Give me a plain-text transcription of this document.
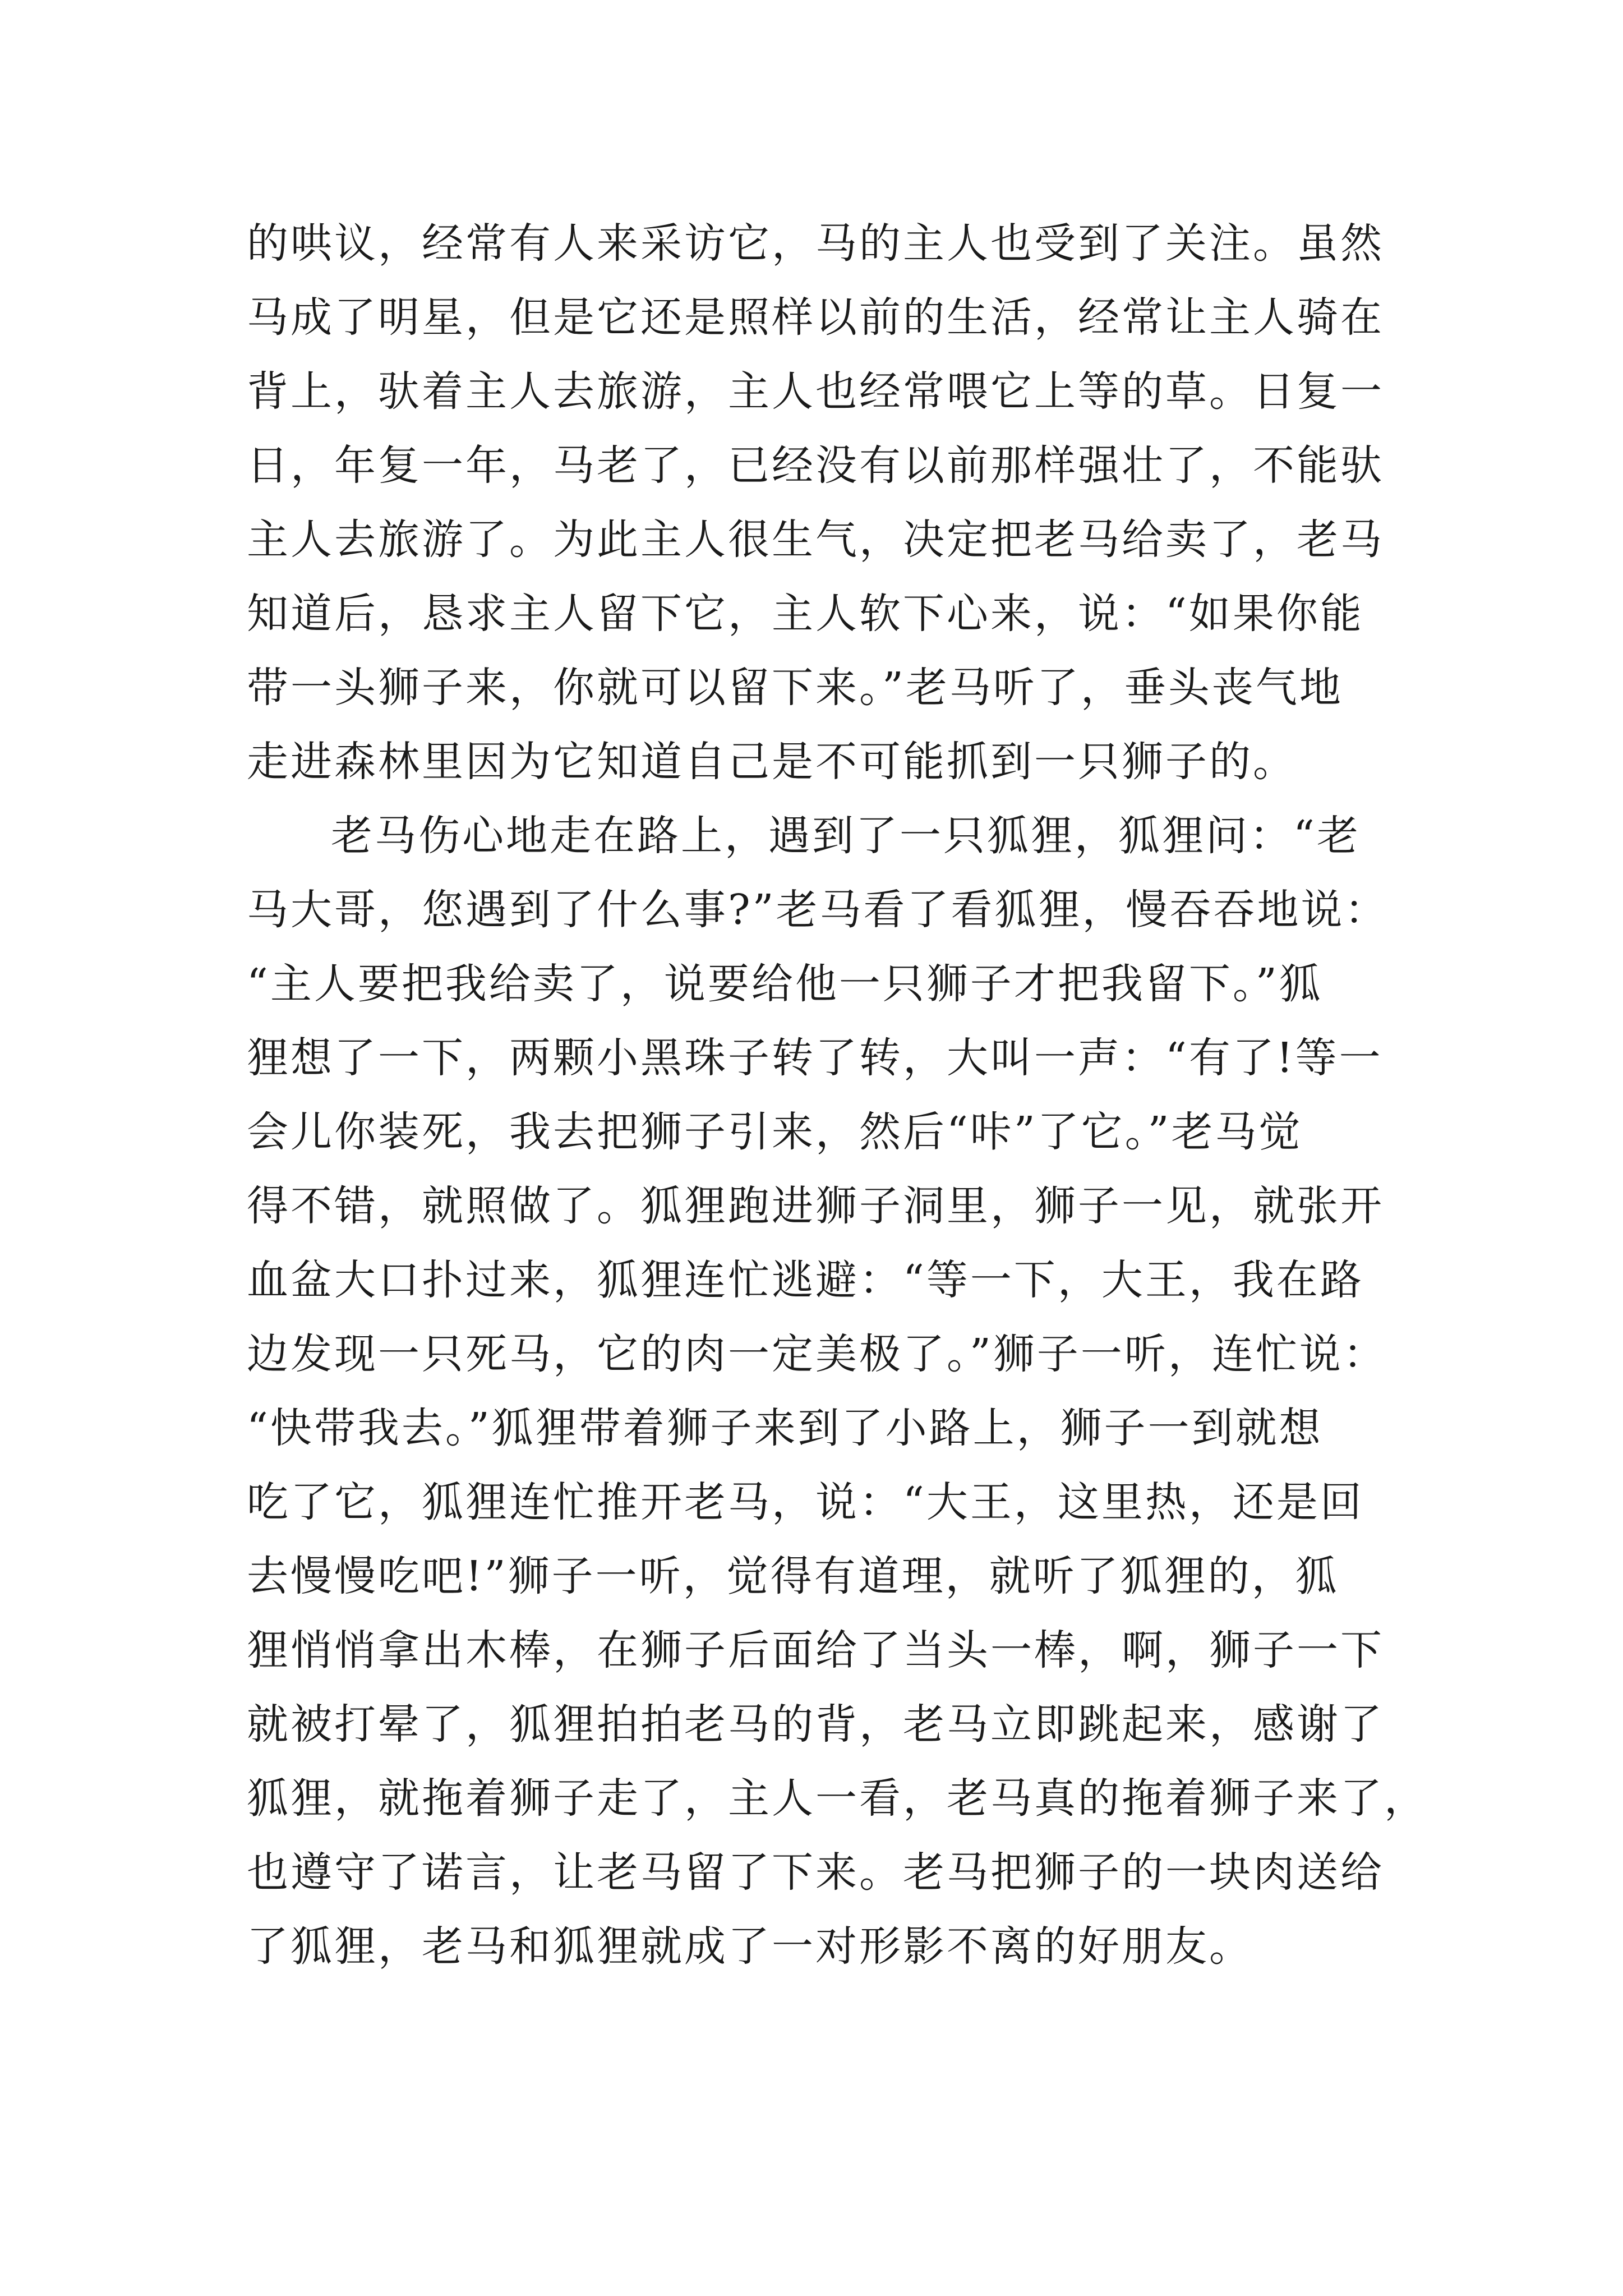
的哄议，经常有人来采访它，马的主人也受到了关注。虽然
马成了明星，但是它还是照样以前的生活，经常让主人骑在
背上，驮着主人去旅游，主人也经常喂它上等的草。日复一
日，年复一年，马老了，已经没有以前那样强壮了，不能驮
主人去旅游了。为此主人很生气，决定把老马给卖了，老马
知道后，恳求主人留下它，主人软下心来，说：“如果你能
带一头狮子来，你就可以留下来。”老马听了，垂头丧气地
走进森林里因为它知道自己是不可能抓到一只狮子的。
老马伤心地走在路上，遇到了一只狐狸，狐狸问：“老
马大哥，您遇到了什么事?”老马看了看狐狸，慢吞吞地说：
“主人要把我给卖了，说要给他一只狮子才把我留下。”狐
狸想了一下，两颗小黑珠子转了转，大叫一声：“有了!等一
会儿你装死，我去把狮子引来，然后“咔”了它。”老马觉
得不错，就照做了。狐狸跑进狮子洞里，狮子一见，就张开
血盆大口扑过来，狐狸连忙逃避：“等一下，大王，我在路
边发现一只死马，它的肉一定美极了。”狮子一听，连忙说：
“快带我去。”狐狸带着狮子来到了小路上，狮子一到就想
吃了它，狐狸连忙推开老马，说：“大王，这里热，还是回
去慢慢吃吧!”狮子一听，觉得有道理，就听了狐狸的，狐
狸悄悄拿出木棒，在狮子后面给了当头一棒，啊，狮子一下
就被打晕了，狐狸拍拍老马的背，老马立即跳起来，感谢了
狐狸，就拖着狮子走了，主人一看，老马真的拖着狮子来了，
也遵守了诺言，让老马留了下来。老马把狮子的一块肉送给
了狐狸，老马和狐狸就成了一对形影不离的好朋友。
